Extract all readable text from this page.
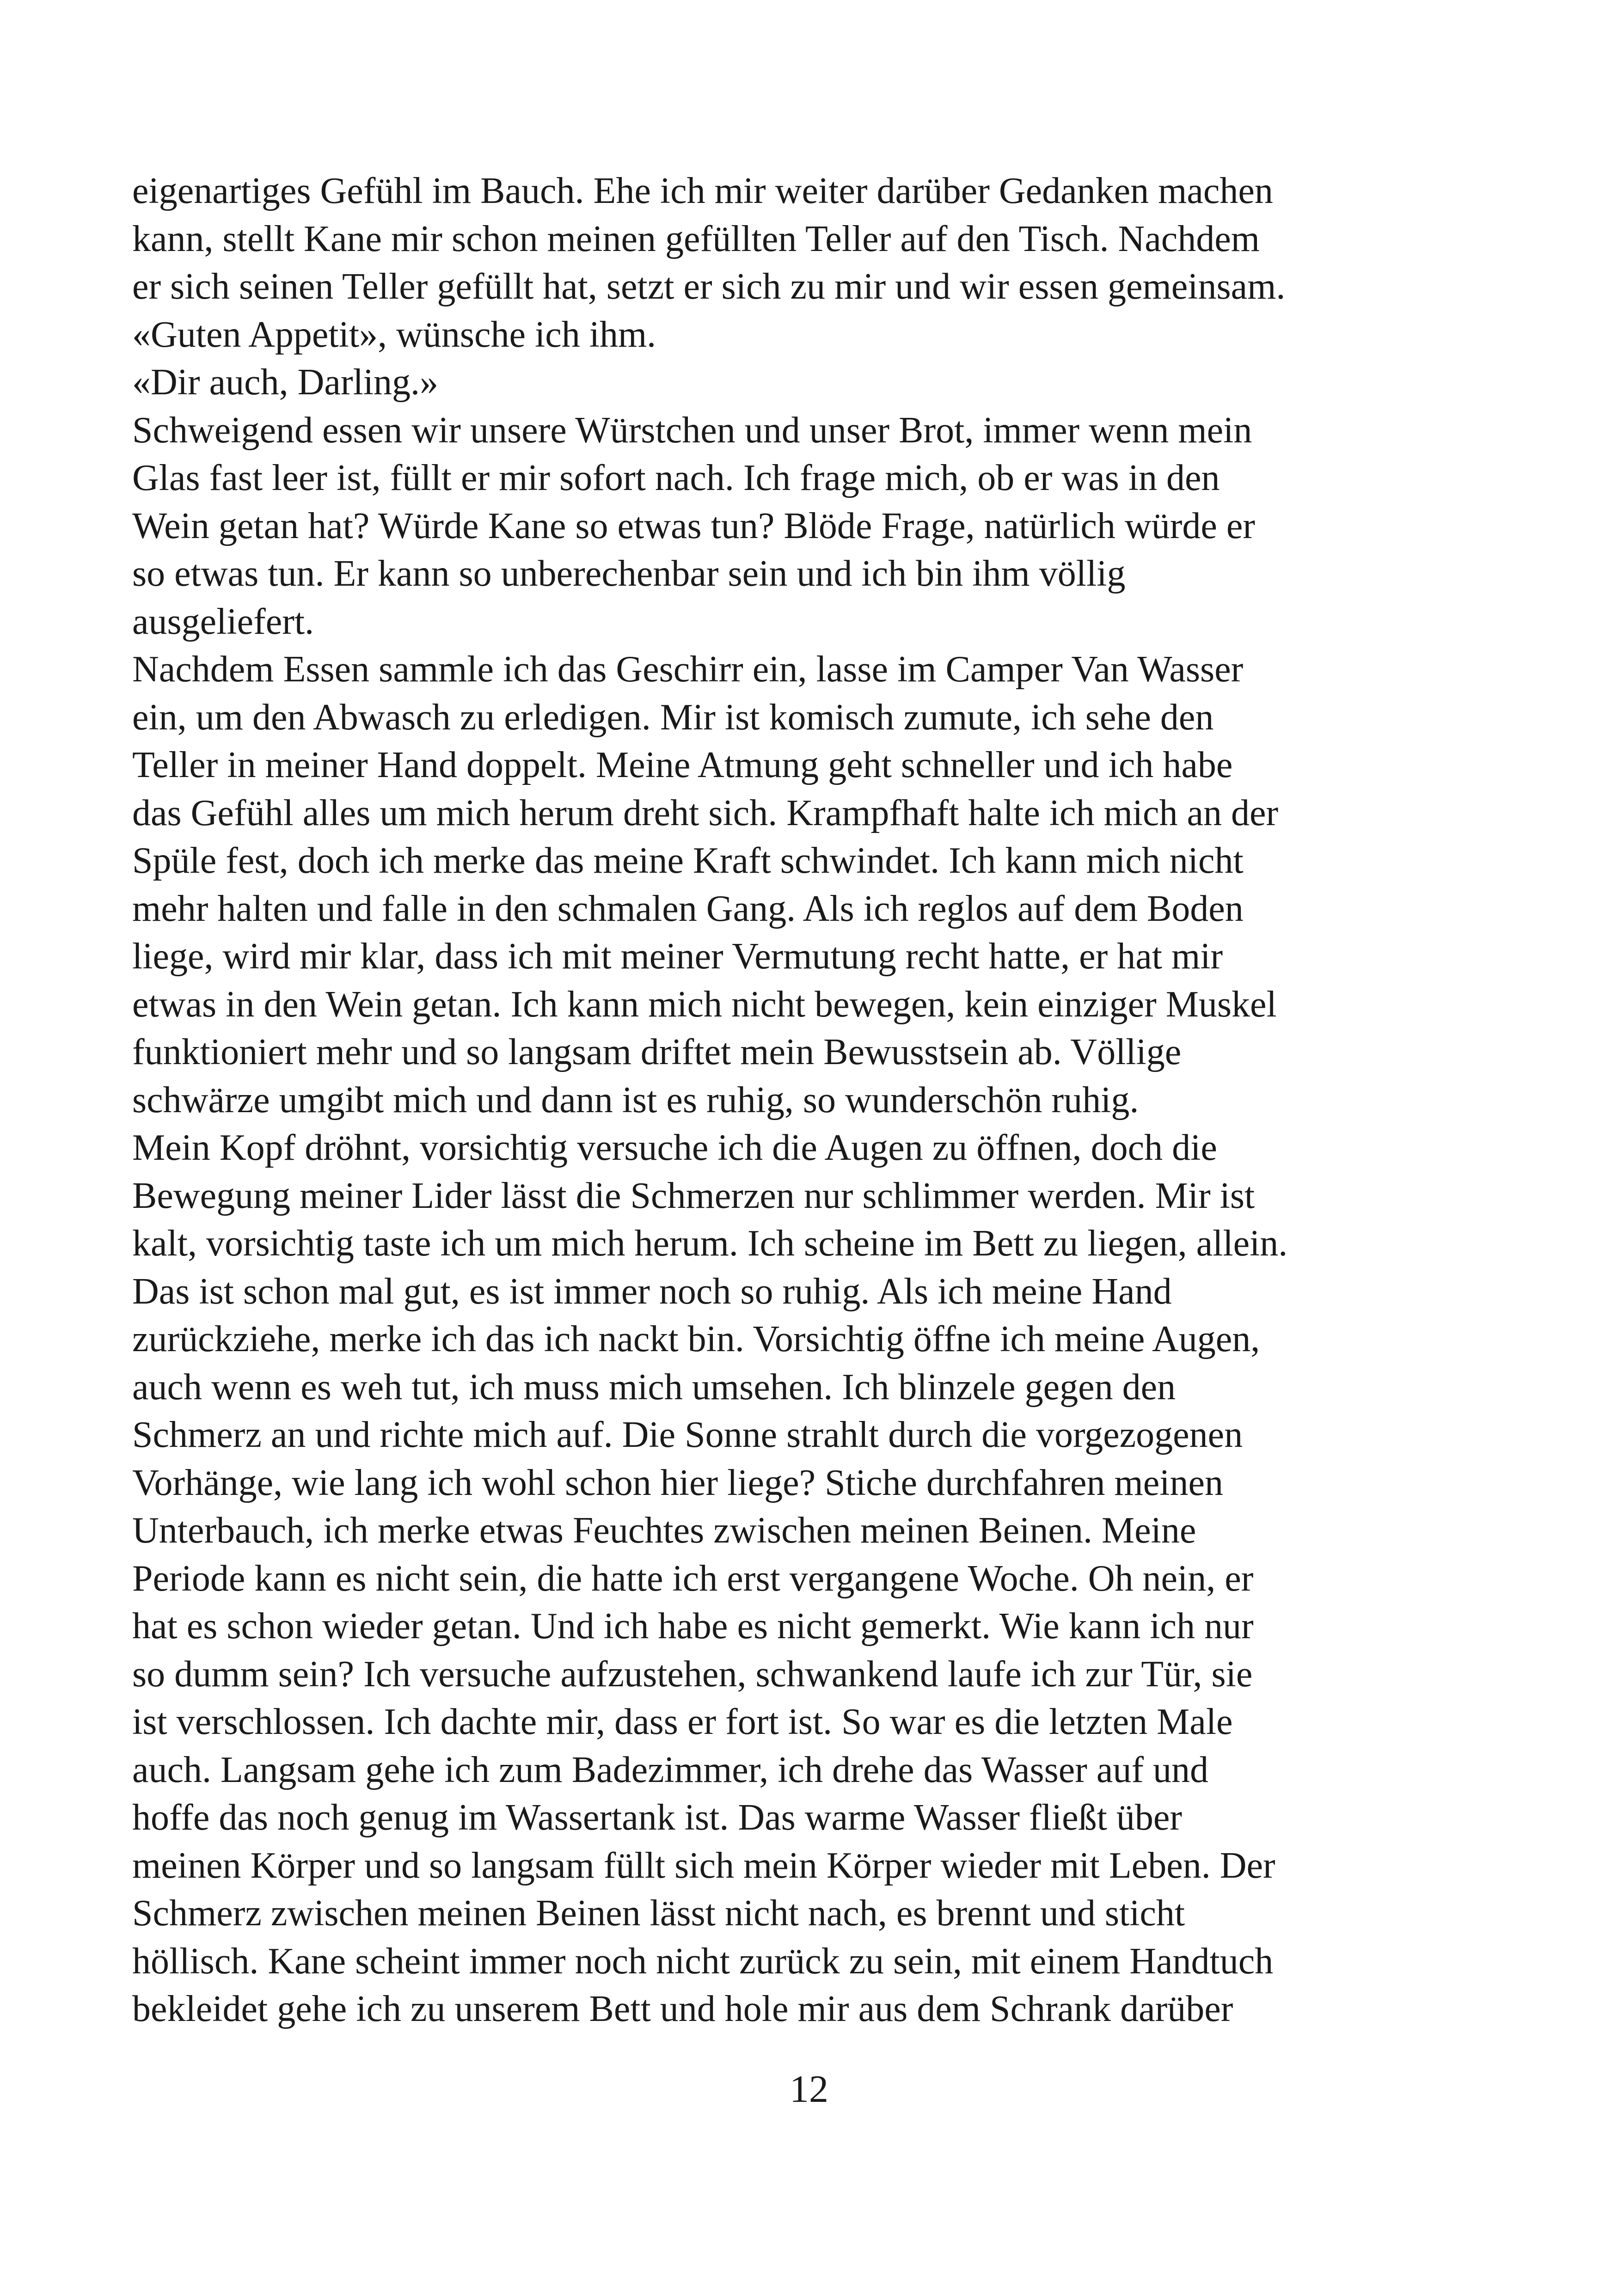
eigenartiges Gefühl im Bauch. Ehe ich mir weiter darüber Gedanken machen
kann, stellt Kane mir schon meinen gefüllten Teller auf den Tisch. Nachdem
er sich seinen Teller gefüllt hat, setzt er sich zu mir und wir essen gemeinsam.
«Guten Appetit», wünsche ich ihm.
«Dir auch, Darling.»
Schweigend essen wir unsere Würstchen und unser Brot, immer wenn mein
Glas fast leer ist, füllt er mir sofort nach. Ich frage mich, ob er was in den
Wein getan hat? Würde Kane so etwas tun? Blöde Frage, natürlich würde er
so etwas tun. Er kann so unberechenbar sein und ich bin ihm völlig
ausgeliefert.
Nachdem Essen sammle ich das Geschirr ein, lasse im Camper Van Wasser
ein, um den Abwasch zu erledigen. Mir ist komisch zumute, ich sehe den
Teller in meiner Hand doppelt. Meine Atmung geht schneller und ich habe
das Gefühl alles um mich herum dreht sich. Krampfhaft halte ich mich an der
Spüle fest, doch ich merke das meine Kraft schwindet. Ich kann mich nicht
mehr halten und falle in den schmalen Gang. Als ich reglos auf dem Boden
liege, wird mir klar, dass ich mit meiner Vermutung recht hatte, er hat mir
etwas in den Wein getan. Ich kann mich nicht bewegen, kein einziger Muskel
funktioniert mehr und so langsam driftet mein Bewusstsein ab. Völlige
schwärze umgibt mich und dann ist es ruhig, so wunderschön ruhig.
Mein Kopf dröhnt, vorsichtig versuche ich die Augen zu öffnen, doch die
Bewegung meiner Lider lässt die Schmerzen nur schlimmer werden. Mir ist
kalt, vorsichtig taste ich um mich herum. Ich scheine im Bett zu liegen, allein.
Das ist schon mal gut, es ist immer noch so ruhig. Als ich meine Hand
zurückziehe, merke ich das ich nackt bin. Vorsichtig öffne ich meine Augen,
auch wenn es weh tut, ich muss mich umsehen. Ich blinzele gegen den
Schmerz an und richte mich auf. Die Sonne strahlt durch die vorgezogenen
Vorhänge, wie lang ich wohl schon hier liege? Stiche durchfahren meinen
Unterbauch, ich merke etwas Feuchtes zwischen meinen Beinen. Meine
Periode kann es nicht sein, die hatte ich erst vergangene Woche. Oh nein, er
hat es schon wieder getan. Und ich habe es nicht gemerkt. Wie kann ich nur
so dumm sein? Ich versuche aufzustehen, schwankend laufe ich zur Tür, sie
ist verschlossen. Ich dachte mir, dass er fort ist. So war es die letzten Male
auch. Langsam gehe ich zum Badezimmer, ich drehe das Wasser auf und
hoffe das noch genug im Wassertank ist. Das warme Wasser fließt über
meinen Körper und so langsam füllt sich mein Körper wieder mit Leben. Der
Schmerz zwischen meinen Beinen lässt nicht nach, es brennt und sticht
höllisch. Kane scheint immer noch nicht zurück zu sein, mit einem Handtuch
bekleidet gehe ich zu unserem Bett und hole mir aus dem Schrank darüber
12
